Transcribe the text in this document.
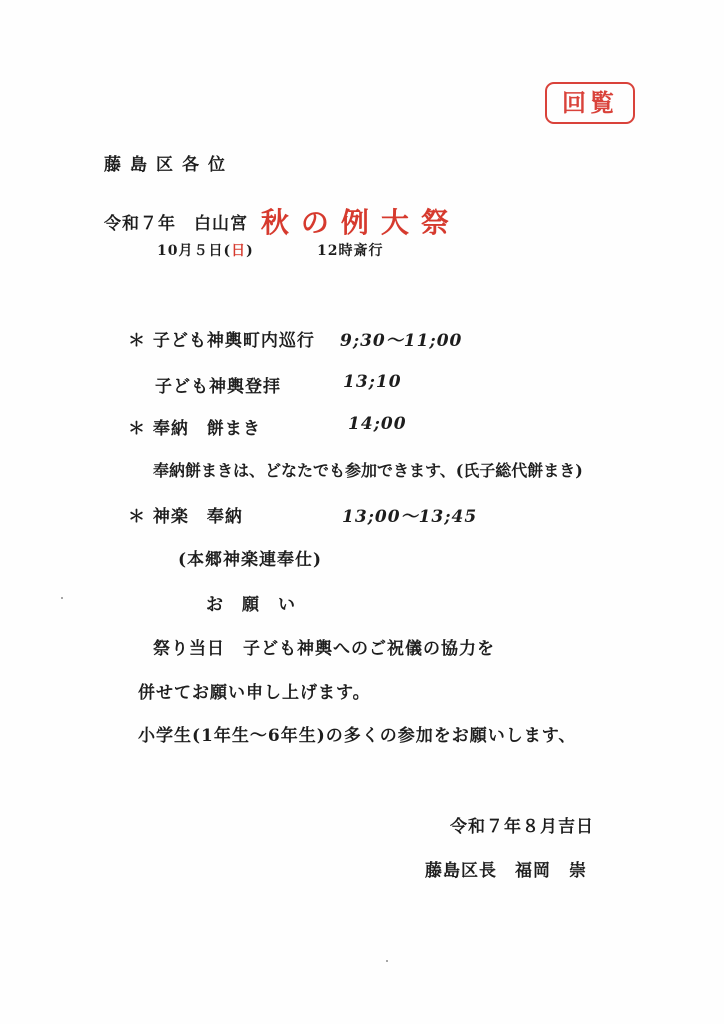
回覧
藤島区各位
令和７年　白山宮 秋の例大祭
10月５日(日)	12時斎行
＊ 子ども神輿町内巡行 9;30～11;00
子ども神輿登拝	13;10
＊ 奉納　餅まき	14;00
奉納餅まきは、どなたでも参加できます、(氏子総代餅まき)
＊ 神楽　奉納	13;00～13;45
(本郷神楽連奉仕)
お　願　い
祭り当日　子ども神輿へのご祝儀の協力を
併せてお願い申し上げます。
小学生(1年生～6年生)の多くの参加をお願いします、
令和７年８月吉日
藤島区長　福岡　崇
